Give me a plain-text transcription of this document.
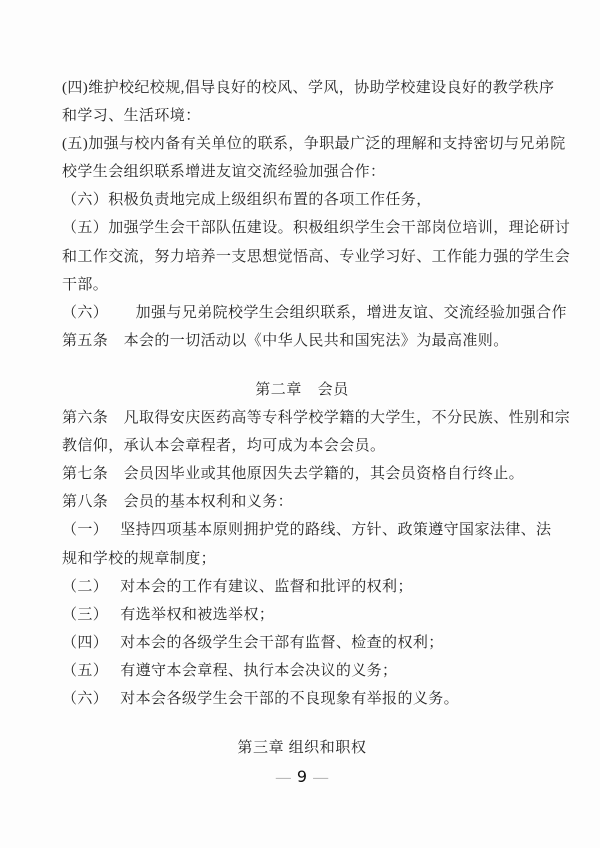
(四)维护校纪校规,倡导良好的校风、学风，协助学校建设良好的教学秩序
和学习、生活环境：
(五)加强与校内备有关单位的联系，争职最广泛的理解和支持密切与兄弟院
校学生会组织联系增进友谊交流经验加强合作：
（六）积极负责地完成上级组织布置的各项工作任务，
（五）加强学生会干部队伍建设。积极组织学生会干部岗位培训，理论研讨
和工作交流，努力培养一支思想觉悟高、专业学习好、工作能力强的学生会
干部。
（六）　　 加强与兄弟院校学生会组织联系，增进友谊、交流经验加强合作
第五条　本会的一切活动以《中华人民共和国宪法》为最高准则。
第二章　会员
第六条　凡取得安庆医药高等专科学校学籍的大学生，不分民族、性别和宗
教信仰，承认本会章程者，均可成为本会会员。
第七条　会员因毕业或其他原因失去学籍的，其会员资格自行终止。
第八条　会员的基本权利和义务：
（一）　 坚持四项基本原则拥护党的路线、方针、政策遵守国家法律、法
规和学校的规章制度；
（二）　 对本会的工作有建议、监督和批评的权利；
（三）　 有选举权和被选举权；
（四）　 对本会的各级学生会干部有监督、检查的权利；
（五）　 有遵守本会章程、执行本会决议的义务；
（六）　 对本会各级学生会干部的不良现象有举报的义务。
第三章 组织和职权
— 9 —
